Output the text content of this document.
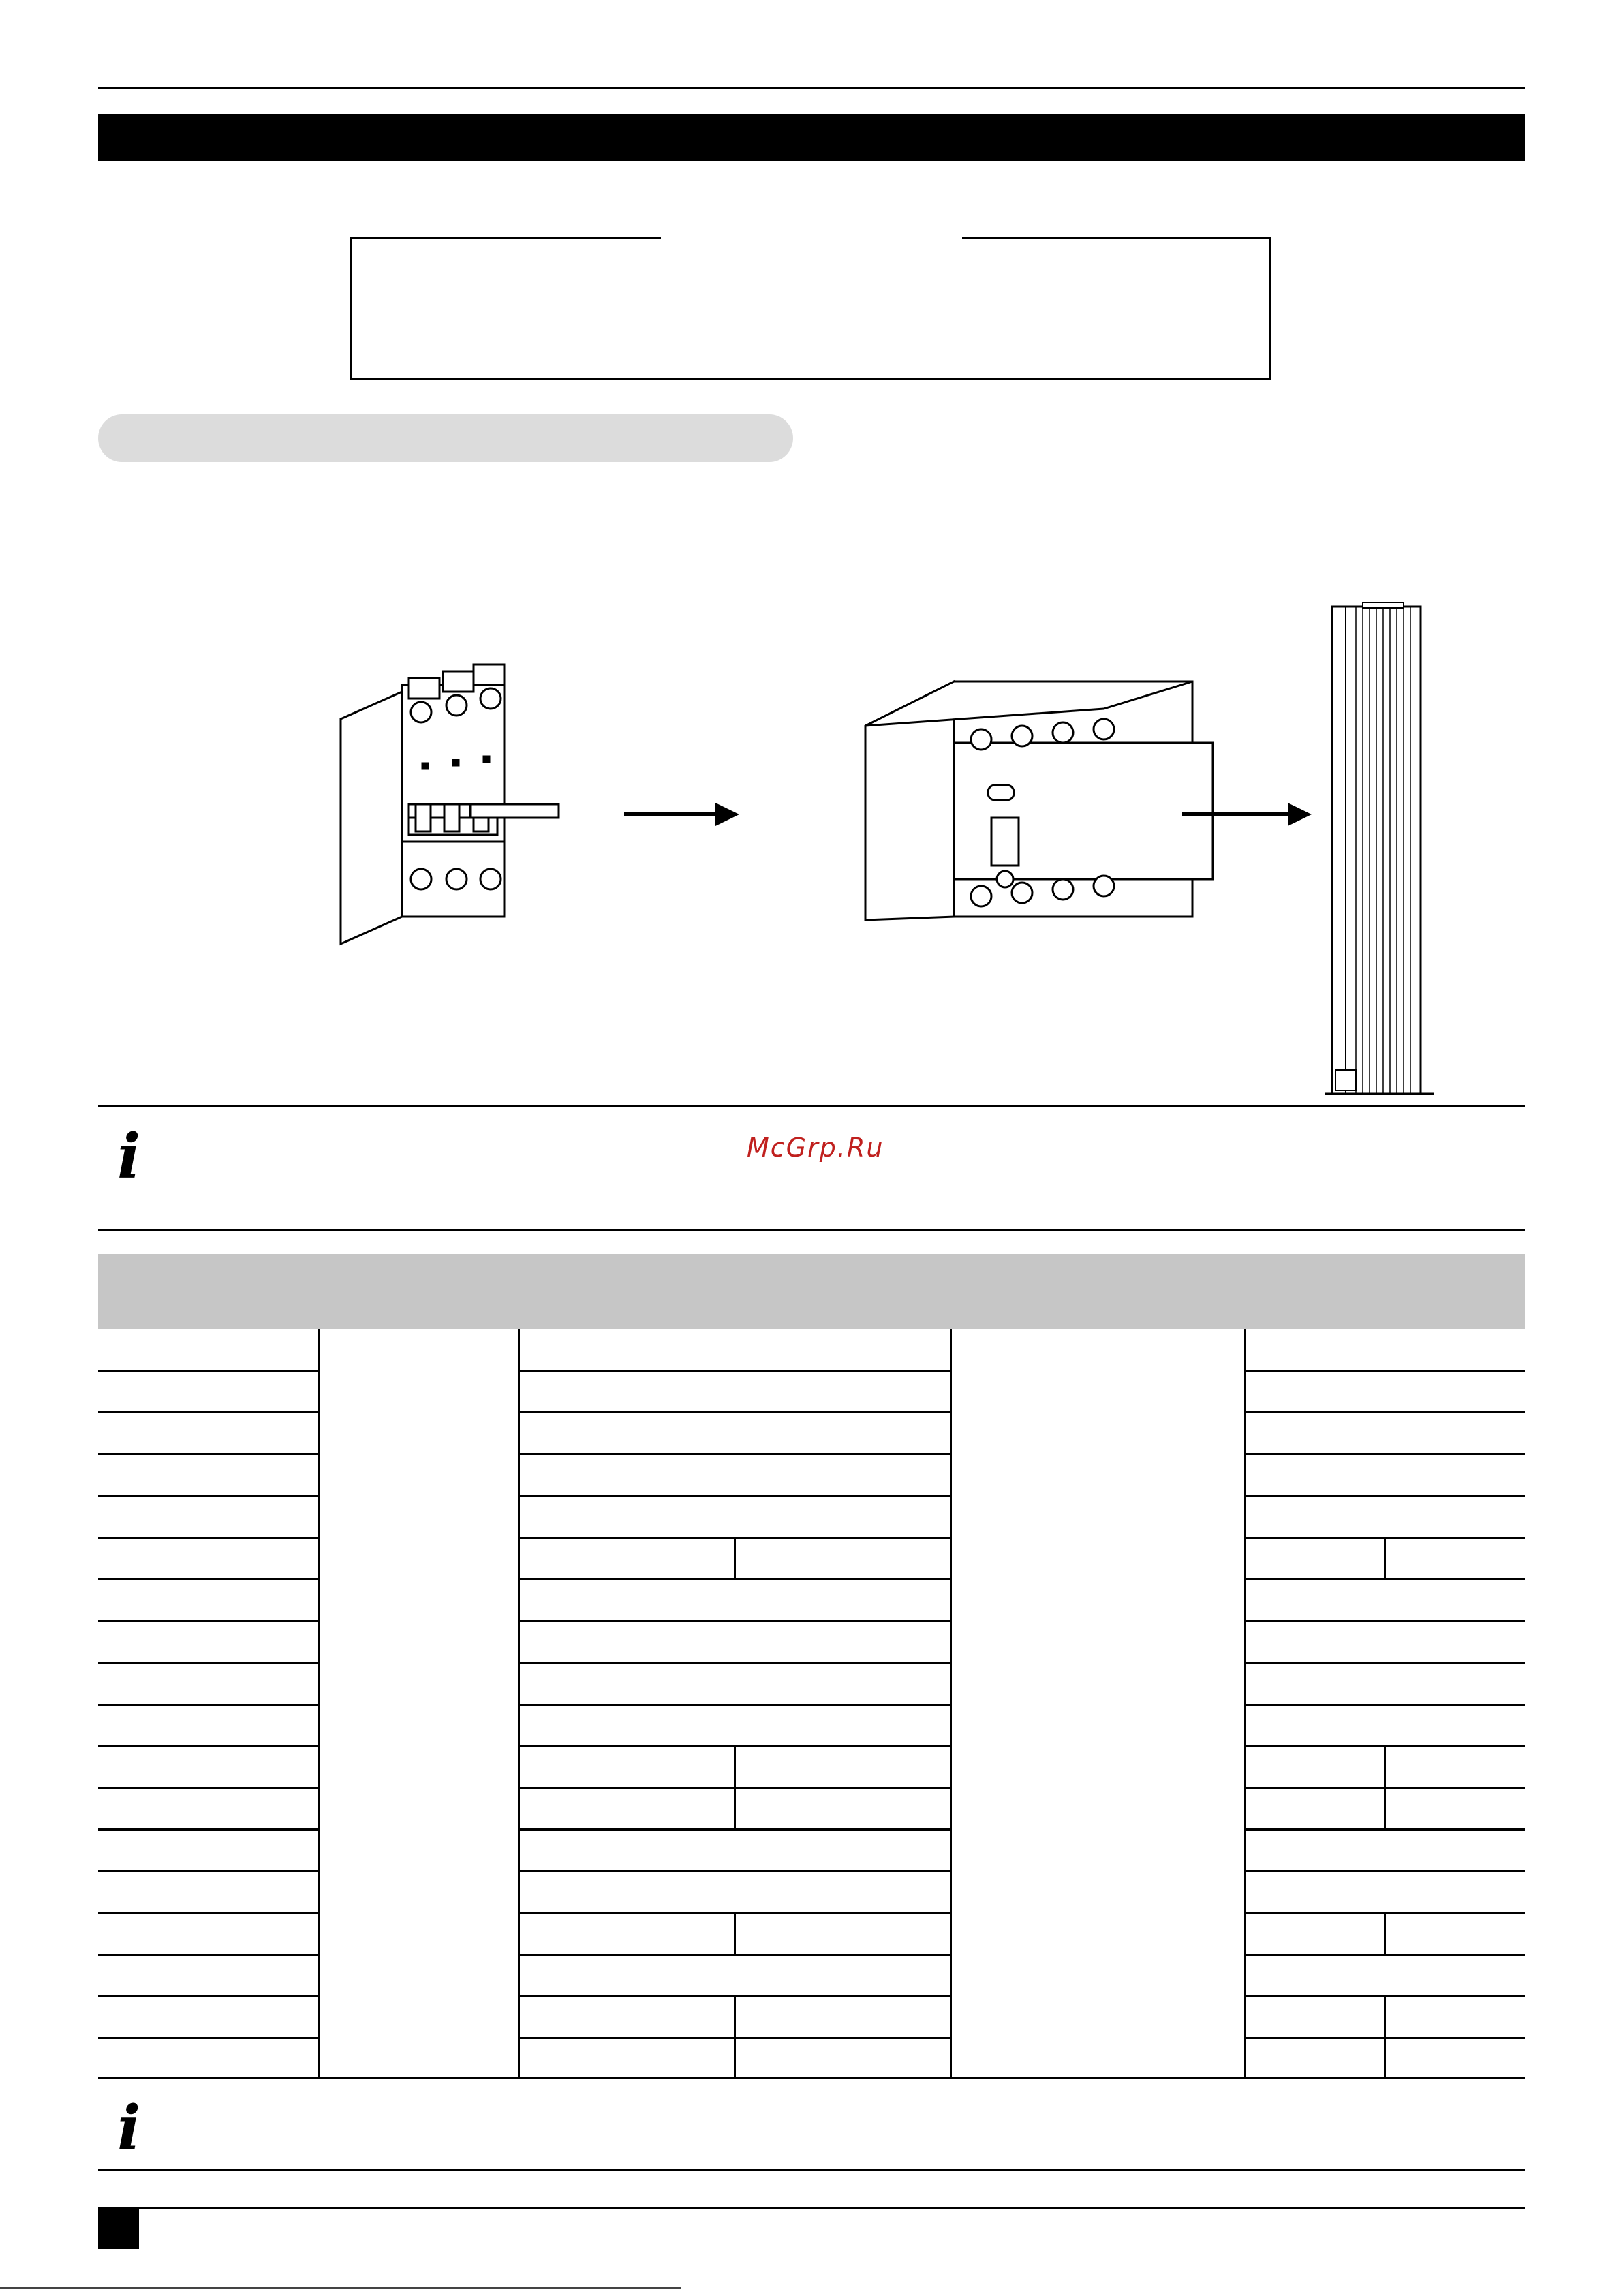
i	McGrp.Ru
i
